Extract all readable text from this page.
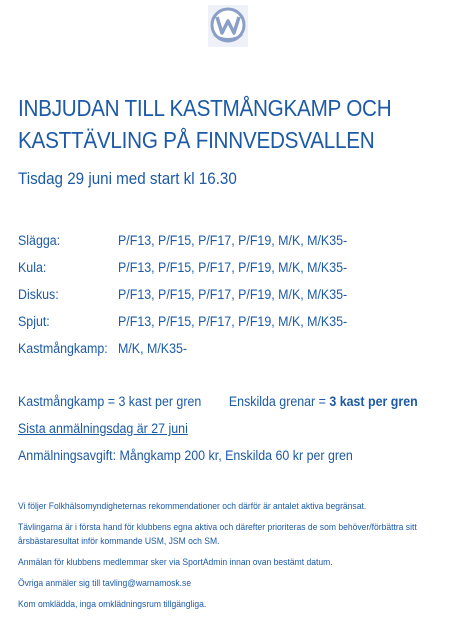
INBJUDAN TILL KASTMÅNGKAMP OCH
KASTTÄVLING PÅ FINNVEDSVALLEN
Tisdag 29 juni med start kl 16.30
Slägga:	P/F13, P/F15, P/F17, P/F19, M/K, M/K35-
Kula:	P/F13, P/F15, P/F17, P/F19, M/K, M/K35-
Diskus:	P/F13, P/F15, P/F17, P/F19, M/K, M/K35-
Spjut:	P/F13, P/F15, P/F17, P/F19, M/K, M/K35-
Kastmångkamp: M/K, M/K35-
Kastmångkamp = 3 kast per gren Enskilda grenar = 3 kast per gren
Sista anmälningsdag är 27 juni
Anmälningsavgift: Mångkamp 200 kr, Enskilda 60 kr per gren

Vi följer Folkhälsomyndigheternas rekommendationer och därför är antalet aktiva begränsat.

Tävlingarna är i första hand för klubbens egna aktiva och därefter prioriteras de som behöver/förbättra sitt årsbästaresultat inför kommande USM, JSM och SM.

Anmälan för klubbens medlemmar sker via SportAdmin innan ovan bestämt datum.

Övriga anmäler sig till tavling@warnamosk.se

Kom omklädda, inga omklädningsrum tillgängliga.
